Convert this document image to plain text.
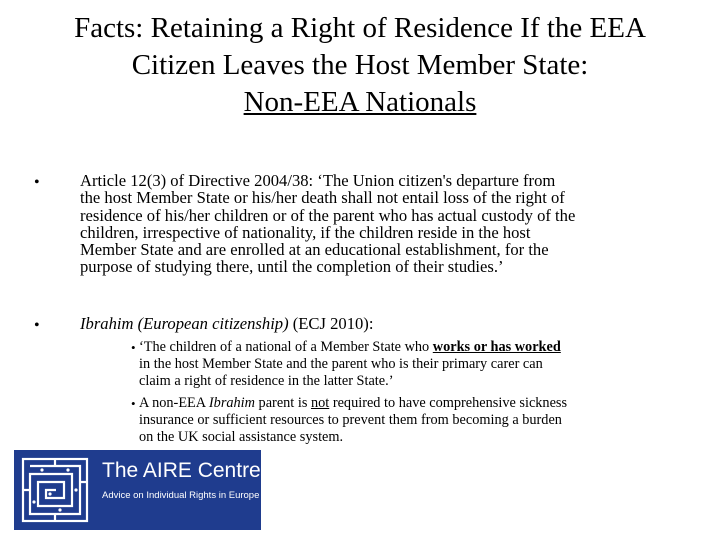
Facts: Retaining a Right of Residence If the EEA
Citizen Leaves the Host Member State:
Non-EEA Nationals
• Article 12(3) of Directive 2004/38: ‘The Union citizen's departure from
the host Member State or his/her death shall not entail loss of the right of
residence of his/her children or of the parent who has actual custody of the
children, irrespective of nationality, if the children reside in the host
Member State and are enrolled at an educational establishment, for the
purpose of studying there, until the completion of their studies.’
• Ibrahim (European citizenship) (ECJ 2010):
• ‘The children of a national of a Member State who works or has worked
in the host Member State and the parent who is their primary carer can
claim a right of residence in the latter State.’
• A non-EEA Ibrahim parent is not required to have comprehensive sickness
insurance or sufficient resources to prevent them from becoming a burden
on the UK social assistance system.
The AIRE Centre
Advice on Individual Rights in Europe
